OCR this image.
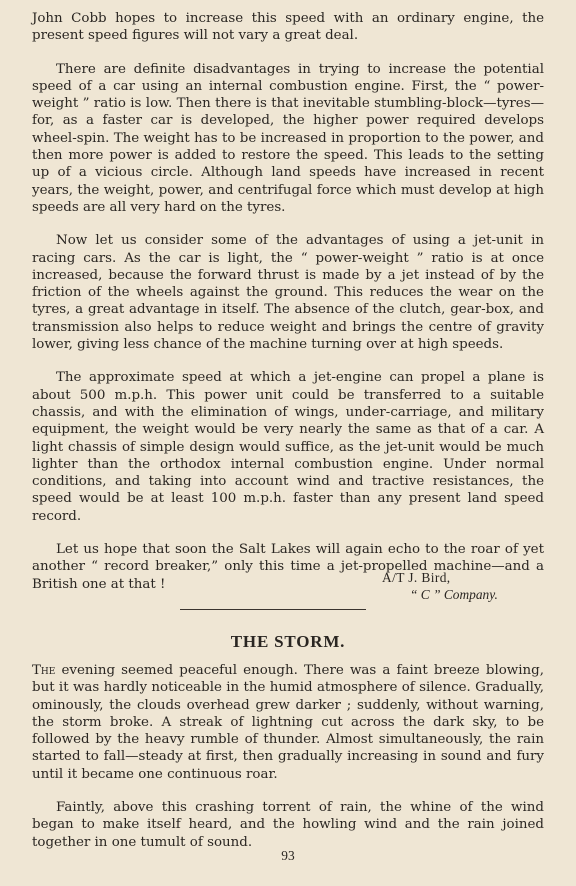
John Cobb hopes to increase this speed with an ordinary engine, the present speed figures will not vary a great deal.

There are definite disadvantages in trying to increase the potential speed of a car using an internal combustion engine. First, the “ power-weight ” ratio is low. Then there is that inevitable stumbling-block—tyres—for, as a faster car is developed, the higher power required develops wheel-spin. The weight has to be increased in proportion to the power, and then more power is added to restore the speed. This leads to the setting up of a vicious circle. Although land speeds have increased in recent years, the weight, power, and centrifugal force which must develop at high speeds are all very hard on the tyres.

Now let us consider some of the advantages of using a jet-unit in racing cars. As the car is light, the “ power-weight ” ratio is at once increased, because the forward thrust is made by a jet instead of by the friction of the wheels against the ground. This reduces the wear on the tyres, a great advantage in itself. The absence of the clutch, gear-box, and transmission also helps to reduce weight and brings the centre of gravity lower, giving less chance of the machine turning over at high speeds.

The approximate speed at which a jet-engine can propel a plane is about 500 m.p.h. This power unit could be transferred to a suitable chassis, and with the elimination of wings, under-carriage, and military equipment, the weight would be very nearly the same as that of a car. A light chassis of simple design would suffice, as the jet-unit would be much lighter than the orthodox internal combustion engine. Under normal conditions, and taking into account wind and tractive resistances, the speed would be at least 100 m.p.h. faster than any present land speed record.

Let us hope that soon the Salt Lakes will again echo to the roar of yet another “ record breaker,” only this time a jet-propelled machine—and a British one at that !	A/T J. Bird,
“ C ” Company.
THE STORM.

The evening seemed peaceful enough. There was a faint breeze blowing, but it was hardly noticeable in the humid atmosphere of silence. Gradually, ominously, the clouds overhead grew darker ; suddenly, without warning, the storm broke. A streak of lightning cut across the dark sky, to be followed by the heavy rumble of thunder. Almost simultaneously, the rain started to fall—steady at first, then gradually increasing in sound and fury until it became one continuous roar.

Faintly, above this crashing torrent of rain, the whine of the wind began to make itself heard, and the howling wind and the rain joined together in one tumult of sound.

93
